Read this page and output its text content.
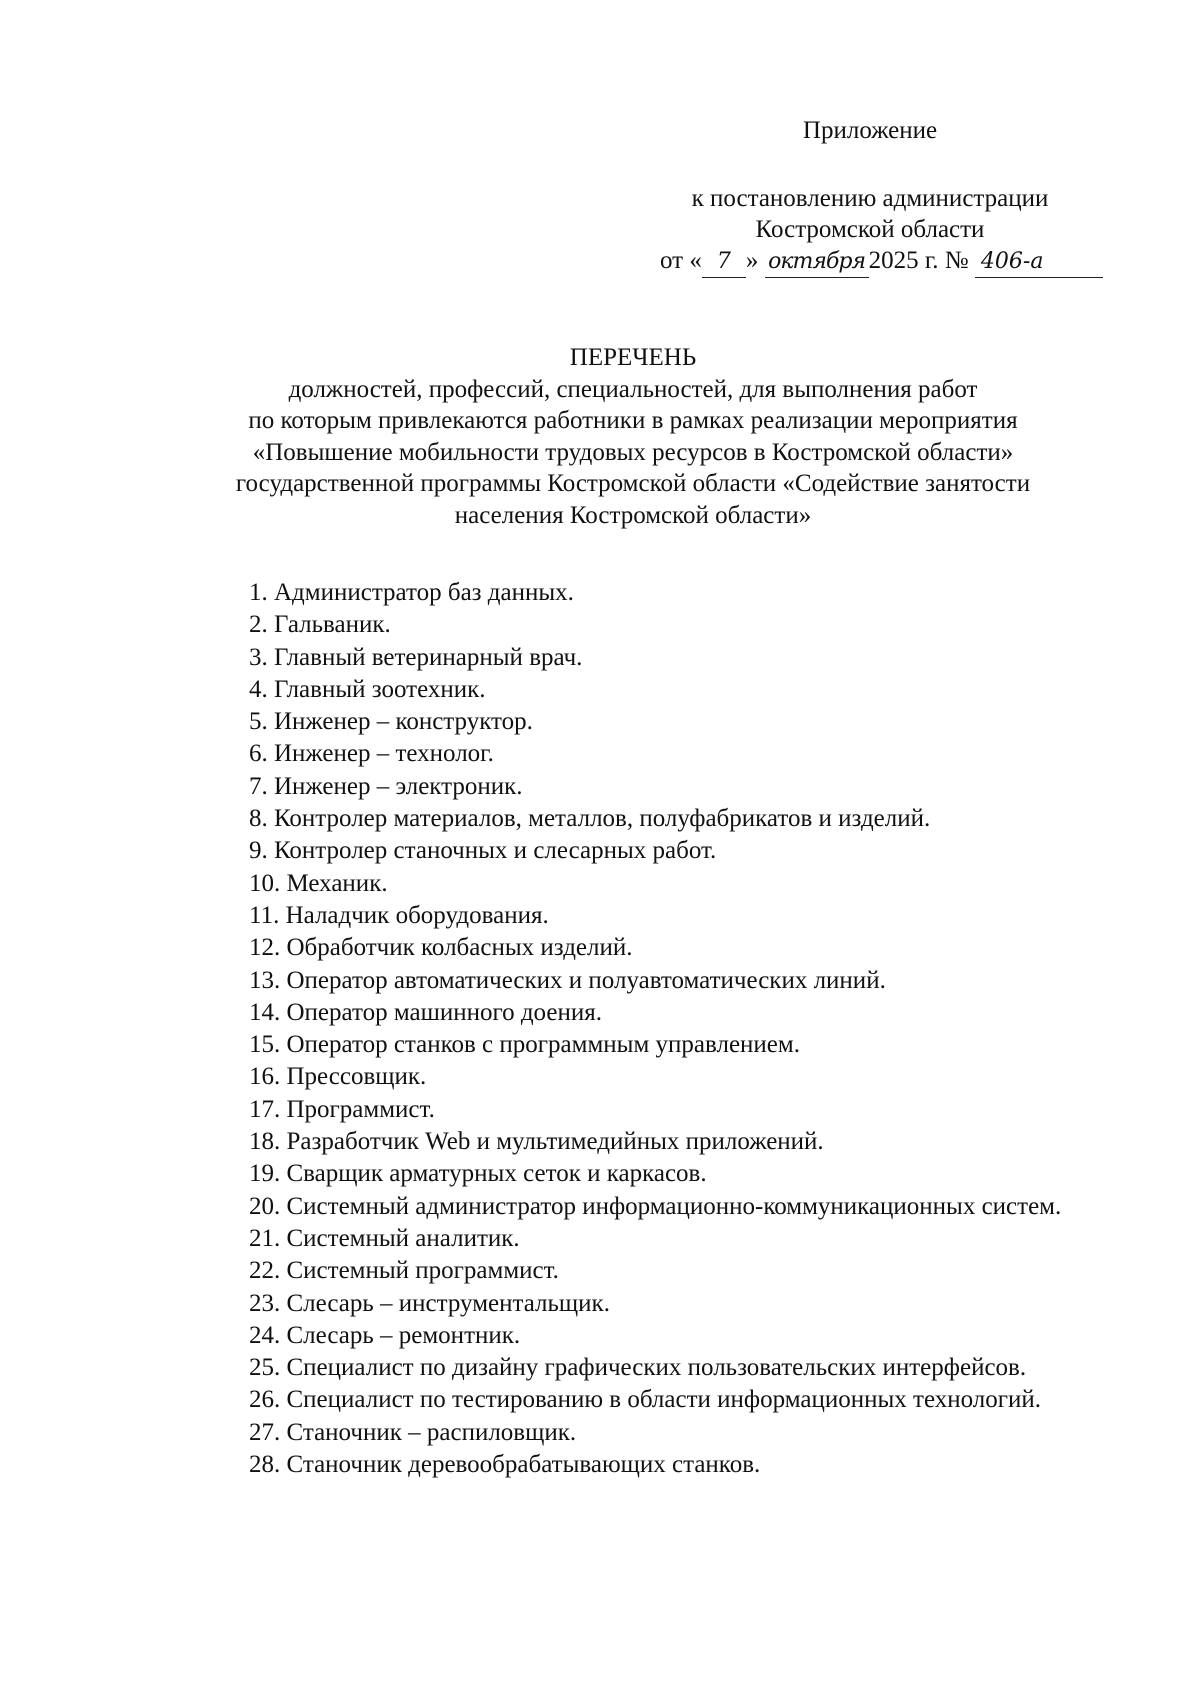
Приложение
к постановлению администрации
Костромской области
от « 7 » октября 2025 г. № 406-а
ПЕРЕЧЕНЬ
должностей, профессий, специальностей, для выполнения работ
по которым привлекаются работники в рамках реализации мероприятия
«Повышение мобильности трудовых ресурсов в Костромской области»
государственной программы Костромской области «Содействие занятости
населения Костромской области»
1. Администратор баз данных.
2. Гальваник.
3. Главный ветеринарный врач.
4. Главный зоотехник.
5. Инженер – конструктор.
6. Инженер – технолог.
7. Инженер – электроник.
8. Контролер материалов, металлов, полуфабрикатов и изделий.
9. Контролер станочных и слесарных работ.
10. Механик.
11. Наладчик оборудования.
12. Обработчик колбасных изделий.
13. Оператор автоматических и полуавтоматических линий.
14. Оператор машинного доения.
15. Оператор станков с программным управлением.
16. Прессовщик.
17. Программист.
18. Разработчик Web и мультимедийных приложений.
19. Сварщик арматурных сеток и каркасов.
20. Системный администратор информационно-коммуникационных систем.
21. Системный аналитик.
22. Системный программист.
23. Слесарь – инструментальщик.
24. Слесарь – ремонтник.
25. Специалист по дизайну графических пользовательских интерфейсов.
26. Специалист по тестированию в области информационных технологий.
27. Станочник – распиловщик.
28. Станочник деревообрабатывающих станков.
